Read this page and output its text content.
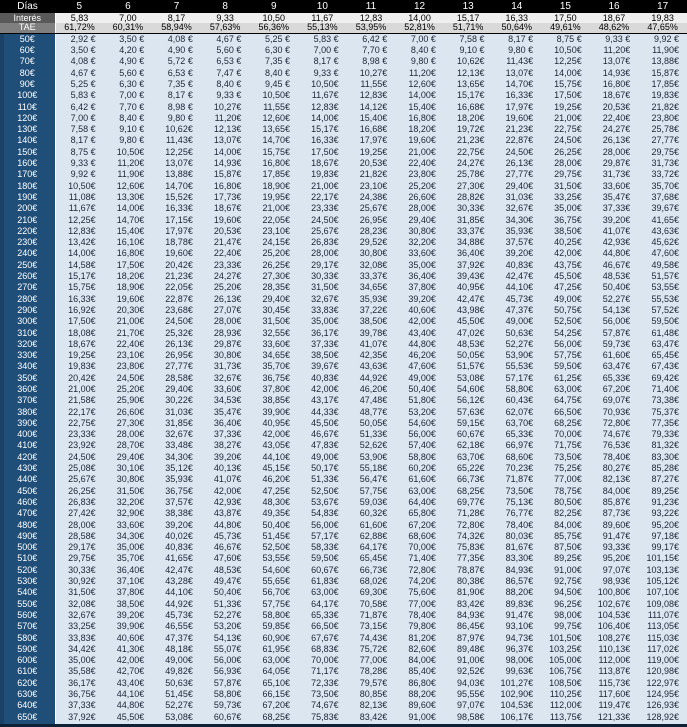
Días	5	6	7	8	9	10	11	12	13	14	15	16	17
Interés	5,83	7,00	8,17	9,33	10,50	11,67	12,83	14,00	15,17	16,33	17,50	18,67	19,83
TAE	61,72%	60,31%	58,94%	57,63%	56,36%	55,13%	53,95%	52,81%	51,71%	50,64%	49,61%	48,62%	47,65%
50€	2,92 €	3,50 €	4,08 €	4,67 €	5,25 €	5,83 €	6,42 €	7,00 €	7,58 €	8,17 €	8,75 €	9,33 €	9,92 €
60€	3,50 €	4,20 €	4,90 €	5,60 €	6,30 €	7,00 €	7,70 €	8,40 €	9,10 €	9,80 €	10,50€	11,20€	11,90€
70€	4,08 €	4,90 €	5,72 €	6,53 €	7,35 €	8,17 €	8,98 €	9,80 €	10,62€	11,43€	12,25€	13,07€	13,88€
80€	4,67 €	5,60 €	6,53 €	7,47 €	8,40 €	9,33 €	10,27€	11,20€	12,13€	13,07€	14,00€	14,93€	15,87€
90€	5,25 €	6,30 €	7,35 €	8,40 €	9,45 €	10,50€	11,55€	12,60€	13,65€	14,70€	15,75€	16,80€	17,85€
100€	5,83 €	7,00 €	8,17 €	9,33 €	10,50€	11,67€	12,83€	14,00€	15,17€	16,33€	17,50€	18,67€	19,83€
110€	6,42 €	7,70 €	8,98 €	10,27€	11,55€	12,83€	14,12€	15,40€	16,68€	17,97€	19,25€	20,53€	21,82€
120€	7,00 €	8,40 €	9,80 €	11,20€	12,60€	14,00€	15,40€	16,80€	18,20€	19,60€	21,00€	22,40€	23,80€
130€	7,58 €	9,10 €	10,62€	12,13€	13,65€	15,17€	16,68€	18,20€	19,72€	21,23€	22,75€	24,27€	25,78€
140€	8,17 €	9,80 €	11,43€	13,07€	14,70€	16,33€	17,97€	19,60€	21,23€	22,87€	24,50€	26,13€	27,77€
150€	8,75 €	10,50€	12,25€	14,00€	15,75€	17,50€	19,25€	21,00€	22,75€	24,50€	26,25€	28,00€	29,75€
160€	9,33 €	11,20€	13,07€	14,93€	16,80€	18,67€	20,53€	22,40€	24,27€	26,13€	28,00€	29,87€	31,73€
170€	9,92 €	11,90€	13,88€	15,87€	17,85€	19,83€	21,82€	23,80€	25,78€	27,77€	29,75€	31,73€	33,72€
180€	10,50€	12,60€	14,70€	16,80€	18,90€	21,00€	23,10€	25,20€	27,30€	29,40€	31,50€	33,60€	35,70€
190€	11,08€	13,30€	15,52€	17,73€	19,95€	22,17€	24,38€	26,60€	28,82€	31,03€	33,25€	35,47€	37,68€
200€	11,67€	14,00€	16,33€	18,67€	21,00€	23,33€	25,67€	28,00€	30,33€	32,67€	35,00€	37,33€	39,67€
210€	12,25€	14,70€	17,15€	19,60€	22,05€	24,50€	26,95€	29,40€	31,85€	34,30€	36,75€	39,20€	41,65€
220€	12,83€	15,40€	17,97€	20,53€	23,10€	25,67€	28,23€	30,80€	33,37€	35,93€	38,50€	41,07€	43,63€
230€	13,42€	16,10€	18,78€	21,47€	24,15€	26,83€	29,52€	32,20€	34,88€	37,57€	40,25€	42,93€	45,62€
240€	14,00€	16,80€	19,60€	22,40€	25,20€	28,00€	30,80€	33,60€	36,40€	39,20€	42,00€	44,80€	47,60€
250€	14,58€	17,50€	20,42€	23,33€	26,25€	29,17€	32,08€	35,00€	37,92€	40,83€	43,75€	46,67€	49,58€
260€	15,17€	18,20€	21,23€	24,27€	27,30€	30,33€	33,37€	36,40€	39,43€	42,47€	45,50€	48,53€	51,57€
270€	15,75€	18,90€	22,05€	25,20€	28,35€	31,50€	34,65€	37,80€	40,95€	44,10€	47,25€	50,40€	53,55€
280€	16,33€	19,60€	22,87€	26,13€	29,40€	32,67€	35,93€	39,20€	42,47€	45,73€	49,00€	52,27€	55,53€
290€	16,92€	20,30€	23,68€	27,07€	30,45€	33,83€	37,22€	40,60€	43,98€	47,37€	50,75€	54,13€	57,52€
300€	17,50€	21,00€	24,50€	28,00€	31,50€	35,00€	38,50€	42,00€	45,50€	49,00€	52,50€	56,00€	59,50€
310€	18,08€	21,70€	25,32€	28,93€	32,55€	36,17€	39,78€	43,40€	47,02€	50,63€	54,25€	57,87€	61,48€
320€	18,67€	22,40€	26,13€	29,87€	33,60€	37,33€	41,07€	44,80€	48,53€	52,27€	56,00€	59,73€	63,47€
330€	19,25€	23,10€	26,95€	30,80€	34,65€	38,50€	42,35€	46,20€	50,05€	53,90€	57,75€	61,60€	65,45€
340€	19,83€	23,80€	27,77€	31,73€	35,70€	39,67€	43,63€	47,60€	51,57€	55,53€	59,50€	63,47€	67,43€
350€	20,42€	24,50€	28,58€	32,67€	36,75€	40,83€	44,92€	49,00€	53,08€	57,17€	61,25€	65,33€	69,42€
360€	21,00€	25,20€	29,40€	33,60€	37,80€	42,00€	46,20€	50,40€	54,60€	58,80€	63,00€	67,20€	71,40€
370€	21,58€	25,90€	30,22€	34,53€	38,85€	43,17€	47,48€	51,80€	56,12€	60,43€	64,75€	69,07€	73,38€
380€	22,17€	26,60€	31,03€	35,47€	39,90€	44,33€	48,77€	53,20€	57,63€	62,07€	66,50€	70,93€	75,37€
390€	22,75€	27,30€	31,85€	36,40€	40,95€	45,50€	50,05€	54,60€	59,15€	63,70€	68,25€	72,80€	77,35€
400€	23,33€	28,00€	32,67€	37,33€	42,00€	46,67€	51,33€	56,00€	60,67€	65,33€	70,00€	74,67€	79,33€
410€	23,92€	28,70€	33,48€	38,27€	43,05€	47,83€	52,62€	57,40€	62,18€	66,97€	71,75€	76,53€	81,32€
420€	24,50€	29,40€	34,30€	39,20€	44,10€	49,00€	53,90€	58,80€	63,70€	68,60€	73,50€	78,40€	83,30€
430€	25,08€	30,10€	35,12€	40,13€	45,15€	50,17€	55,18€	60,20€	65,22€	70,23€	75,25€	80,27€	85,28€
440€	25,67€	30,80€	35,93€	41,07€	46,20€	51,33€	56,47€	61,60€	66,73€	71,87€	77,00€	82,13€	87,27€
450€	26,25€	31,50€	36,75€	42,00€	47,25€	52,50€	57,75€	63,00€	68,25€	73,50€	78,75€	84,00€	89,25€
460€	26,83€	32,20€	37,57€	42,93€	48,30€	53,67€	59,03€	64,40€	69,77€	75,13€	80,50€	85,87€	91,23€
470€	27,42€	32,90€	38,38€	43,87€	49,35€	54,83€	60,32€	65,80€	71,28€	76,77€	82,25€	87,73€	93,22€
480€	28,00€	33,60€	39,20€	44,80€	50,40€	56,00€	61,60€	67,20€	72,80€	78,40€	84,00€	89,60€	95,20€
490€	28,58€	34,30€	40,02€	45,73€	51,45€	57,17€	62,88€	68,60€	74,32€	80,03€	85,75€	91,47€	97,18€
500€	29,17€	35,00€	40,83€	46,67€	52,50€	58,33€	64,17€	70,00€	75,83€	81,67€	87,50€	93,33€	99,17€
510€	29,75€	35,70€	41,65€	47,60€	53,55€	59,50€	65,45€	71,40€	77,35€	83,30€	89,25€	95,20€	101,15€
520€	30,33€	36,40€	42,47€	48,53€	54,60€	60,67€	66,73€	72,80€	78,87€	84,93€	91,00€	97,07€	103,13€
530€	30,92€	37,10€	43,28€	49,47€	55,65€	61,83€	68,02€	74,20€	80,38€	86,57€	92,75€	98,93€	105,12€
540€	31,50€	37,80€	44,10€	50,40€	56,70€	63,00€	69,30€	75,60€	81,90€	88,20€	94,50€	100,80€	107,10€
550€	32,08€	38,50€	44,92€	51,33€	57,75€	64,17€	70,58€	77,00€	83,42€	89,83€	96,25€	102,67€	109,08€
560€	32,67€	39,20€	45,73€	52,27€	58,80€	65,33€	71,87€	78,40€	84,93€	91,47€	98,00€	104,53€	111,07€
570€	33,25€	39,90€	46,55€	53,20€	59,85€	66,50€	73,15€	79,80€	86,45€	93,10€	99,75€	106,40€	113,05€
580€	33,83€	40,60€	47,37€	54,13€	60,90€	67,67€	74,43€	81,20€	87,97€	94,73€	101,50€	108,27€	115,03€
590€	34,42€	41,30€	48,18€	55,07€	61,95€	68,83€	75,72€	82,60€	89,48€	96,37€	103,25€	110,13€	117,02€
600€	35,00€	42,00€	49,00€	56,00€	63,00€	70,00€	77,00€	84,00€	91,00€	98,00€	105,00€	112,00€	119,00€
610€	35,58€	42,70€	49,82€	56,93€	64,05€	71,17€	78,28€	85,40€	92,52€	99,63€	106,75€	113,87€	120,98€
620€	36,17€	43,40€	50,63€	57,87€	65,10€	72,33€	79,57€	86,80€	94,03€	101,27€	108,50€	115,73€	122,97€
630€	36,75€	44,10€	51,45€	58,80€	66,15€	73,50€	80,85€	88,20€	95,55€	102,90€	110,25€	117,60€	124,95€
640€	37,33€	44,80€	52,27€	59,73€	67,20€	74,67€	82,13€	89,60€	97,07€	104,53€	112,00€	119,47€	126,93€
650€	37,92€	45,50€	53,08€	60,67€	68,25€	75,83€	83,42€	91,00€	98,58€	106,17€	113,75€	121,33€	128,92€
